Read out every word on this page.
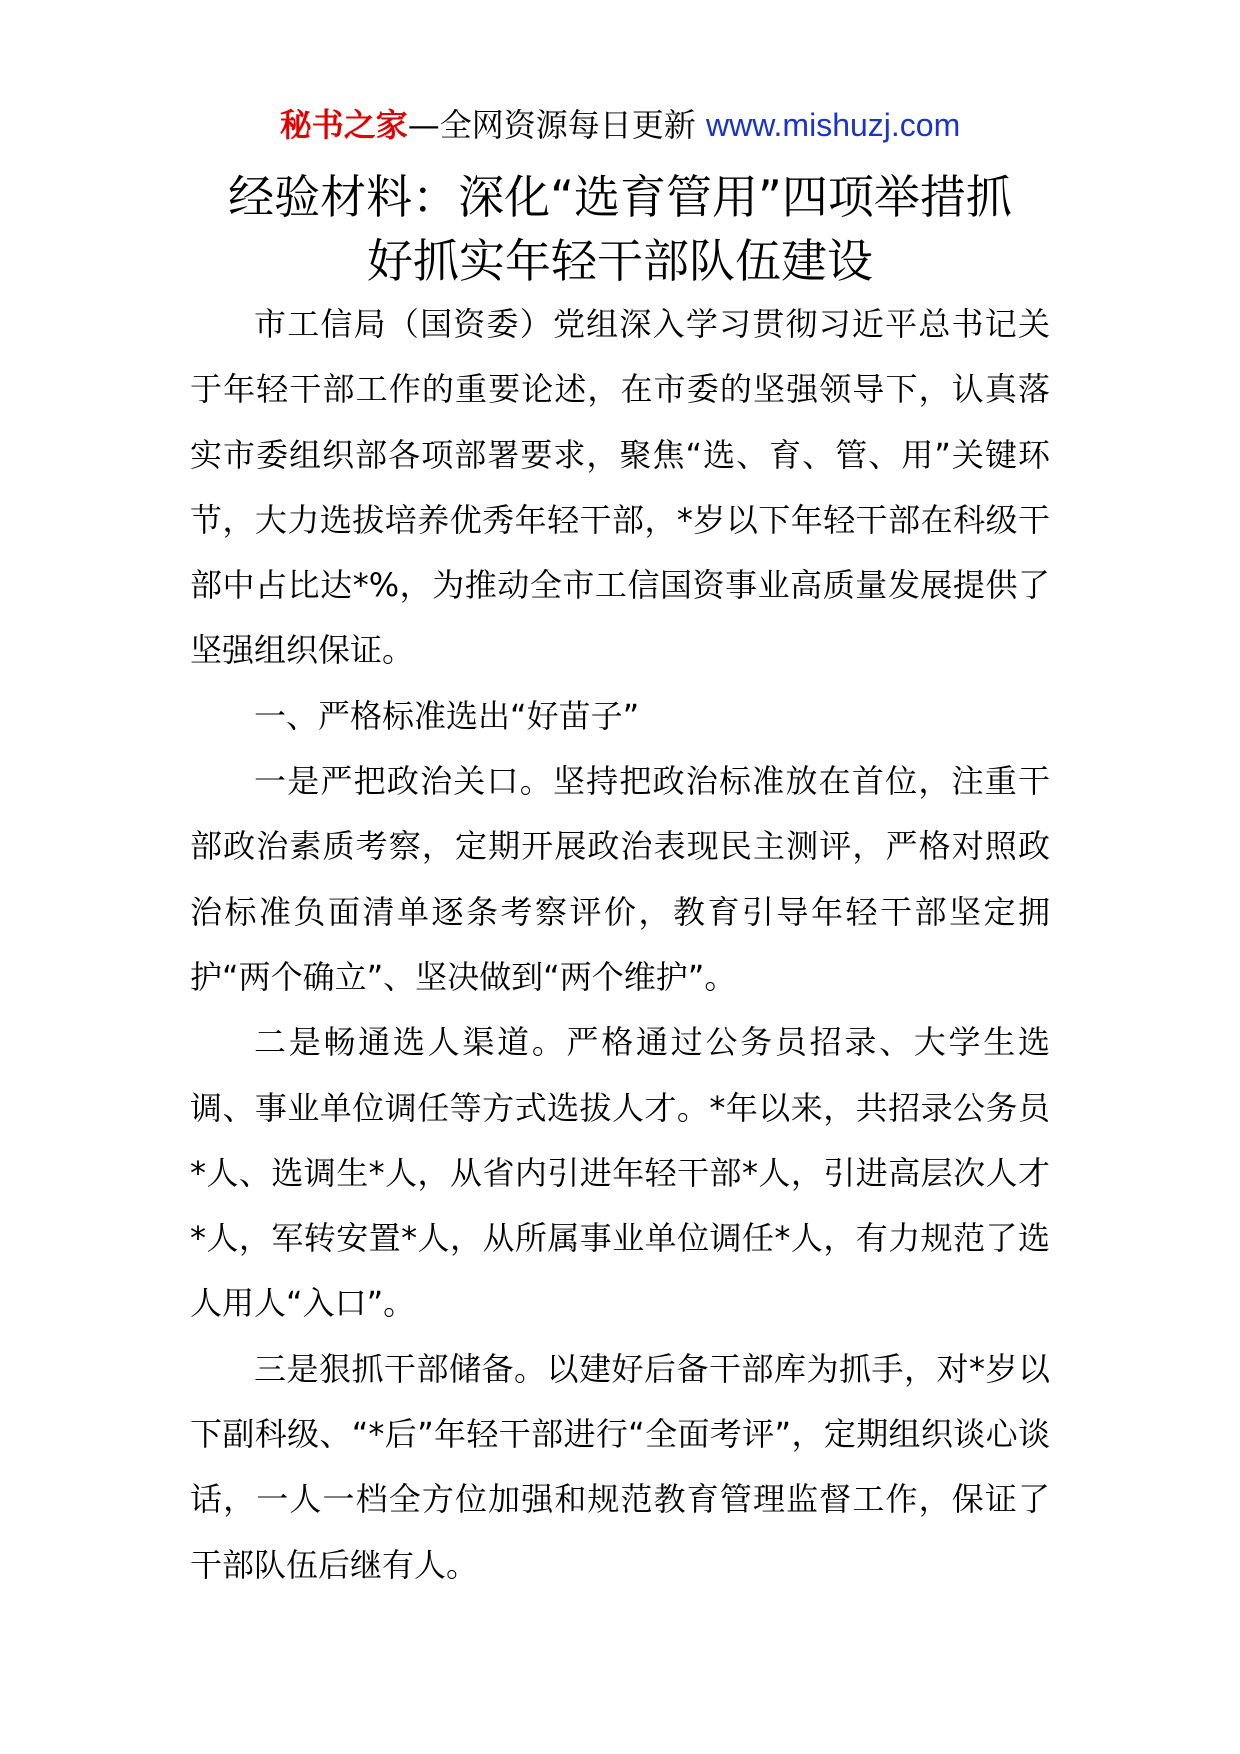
秘书之家—全网资源每日更新 www.mishuzj.com
经验材料：深化“选育管用”四项举措抓
好抓实年轻干部队伍建设

市工信局（国资委）党组深入学习贯彻习近平总书记关于年轻干部工作的重要论述，在市委的坚强领导下，认真落实市委组织部各项部署要求，聚焦“选、育、管、用”关键环节，大力选拔培养优秀年轻干部，*岁以下年轻干部在科级干部中占比达*%，为推动全市工信国资事业高质量发展提供了坚强组织保证。

一、严格标准选出“好苗子”

一是严把政治关口。坚持把政治标准放在首位，注重干部政治素质考察，定期开展政治表现民主测评，严格对照政治标准负面清单逐条考察评价，教育引导年轻干部坚定拥护“两个确立”、坚决做到“两个维护”。

二是畅通选人渠道。严格通过公务员招录、大学生选调、事业单位调任等方式选拔人才。*年以来，共招录公务员*人、选调生*人，从省内引进年轻干部*人，引进高层次人才*人，军转安置*人，从所属事业单位调任*人，有力规范了选人用人“入口”。

三是狠抓干部储备。以建好后备干部库为抓手，对*岁以下副科级、“*后”年轻干部进行“全面考评”，定期组织谈心谈话，一人一档全方位加强和规范教育管理监督工作，保证了干部队伍后继有人。
